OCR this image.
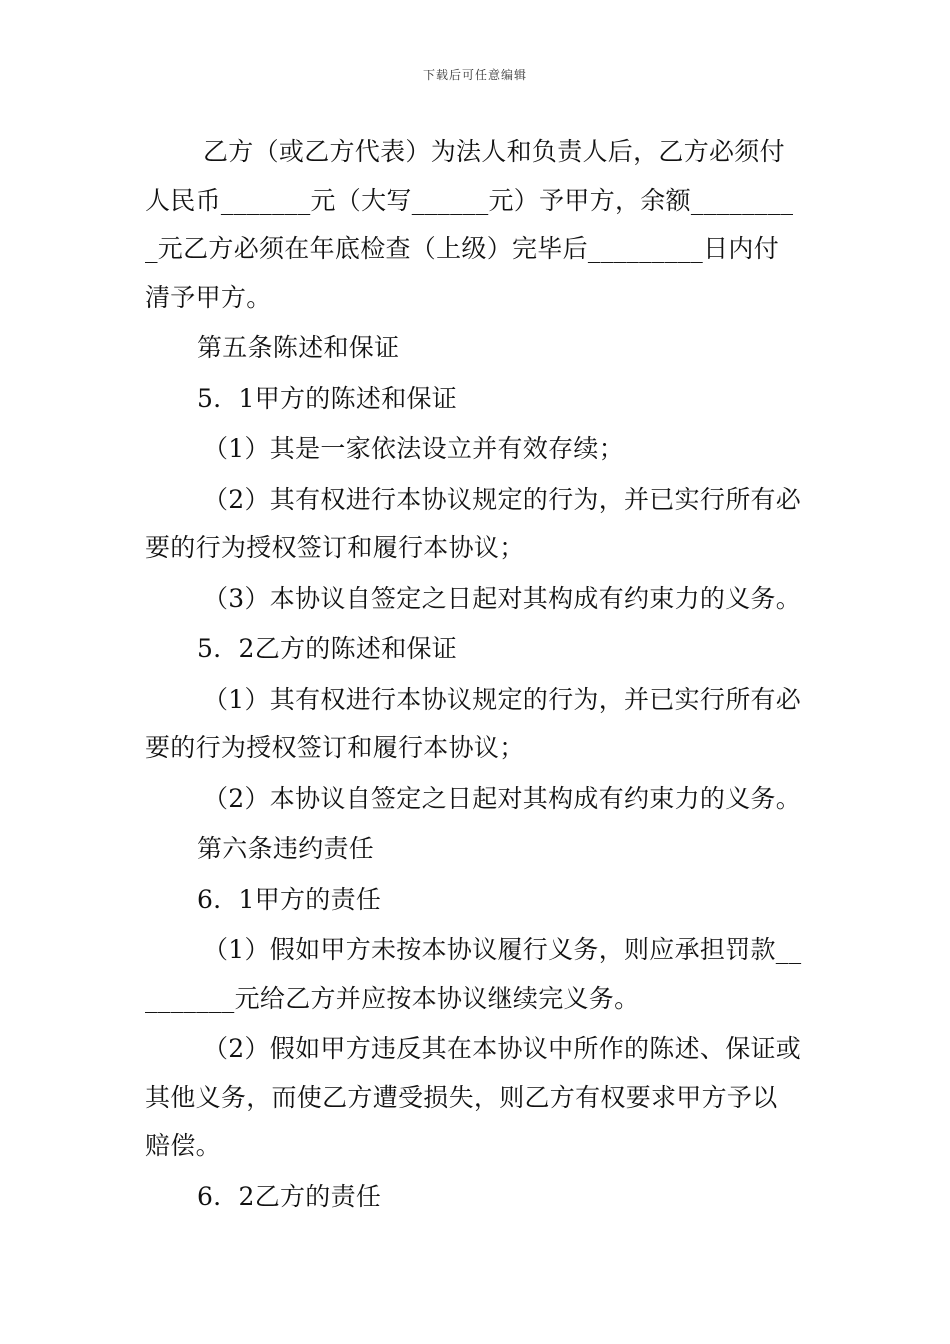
下载后可任意编辑

乙方（或乙方代表）为法人和负责人后，乙方必须付

人民币_______元（大写______元）予甲方，余额________

_元乙方必须在年底检查（上级）完毕后_________日内付

清予甲方。

第五条陈述和保证

5．1甲方的陈述和保证

（1）其是一家依法设立并有效存续；

（2）其有权进行本协议规定的行为，并已实行所有必

要的行为授权签订和履行本协议；

（3）本协议自签定之日起对其构成有约束力的义务。

5．2乙方的陈述和保证

（1）其有权进行本协议规定的行为，并已实行所有必

要的行为授权签订和履行本协议；

（2）本协议自签定之日起对其构成有约束力的义务。

第六条违约责任

6．1甲方的责任

（1）假如甲方未按本协议履行义务，则应承担罚款__

_______元给乙方并应按本协议继续完义务。

（2）假如甲方违反其在本协议中所作的陈述、保证或

其他义务，而使乙方遭受损失，则乙方有权要求甲方予以

赔偿。

6．2乙方的责任
